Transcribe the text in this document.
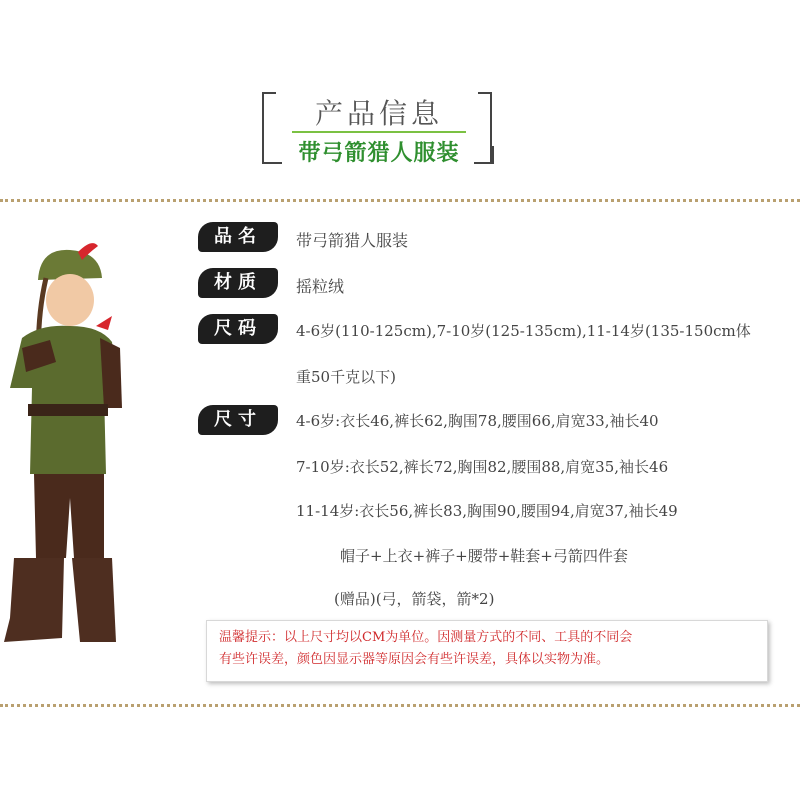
产品信息
带弓箭猎人服装
品名
材质
尺码
尺寸
带弓箭猎人服装
摇粒绒
4-6岁(110-125cm),7-10岁(125-135cm),11-14岁(135-150cm体
重50千克以下)
4-6岁:衣长46,裤长62,胸围78,腰围66,肩宽33,袖长40
7-10岁:衣长52,裤长72,胸围82,腰围88,肩宽35,袖长46
11-14岁:衣长56,裤长83,胸围90,腰围94,肩宽37,袖长49
帽子+上衣+裤子+腰带+鞋套+弓箭四件套
(赠品)(弓，箭袋，箭*2)
温馨提示：以上尺寸均以CM为单位。因测量方式的不同、工具的不同会
有些许误差，颜色因显示器等原因会有些许误差，具体以实物为准。
